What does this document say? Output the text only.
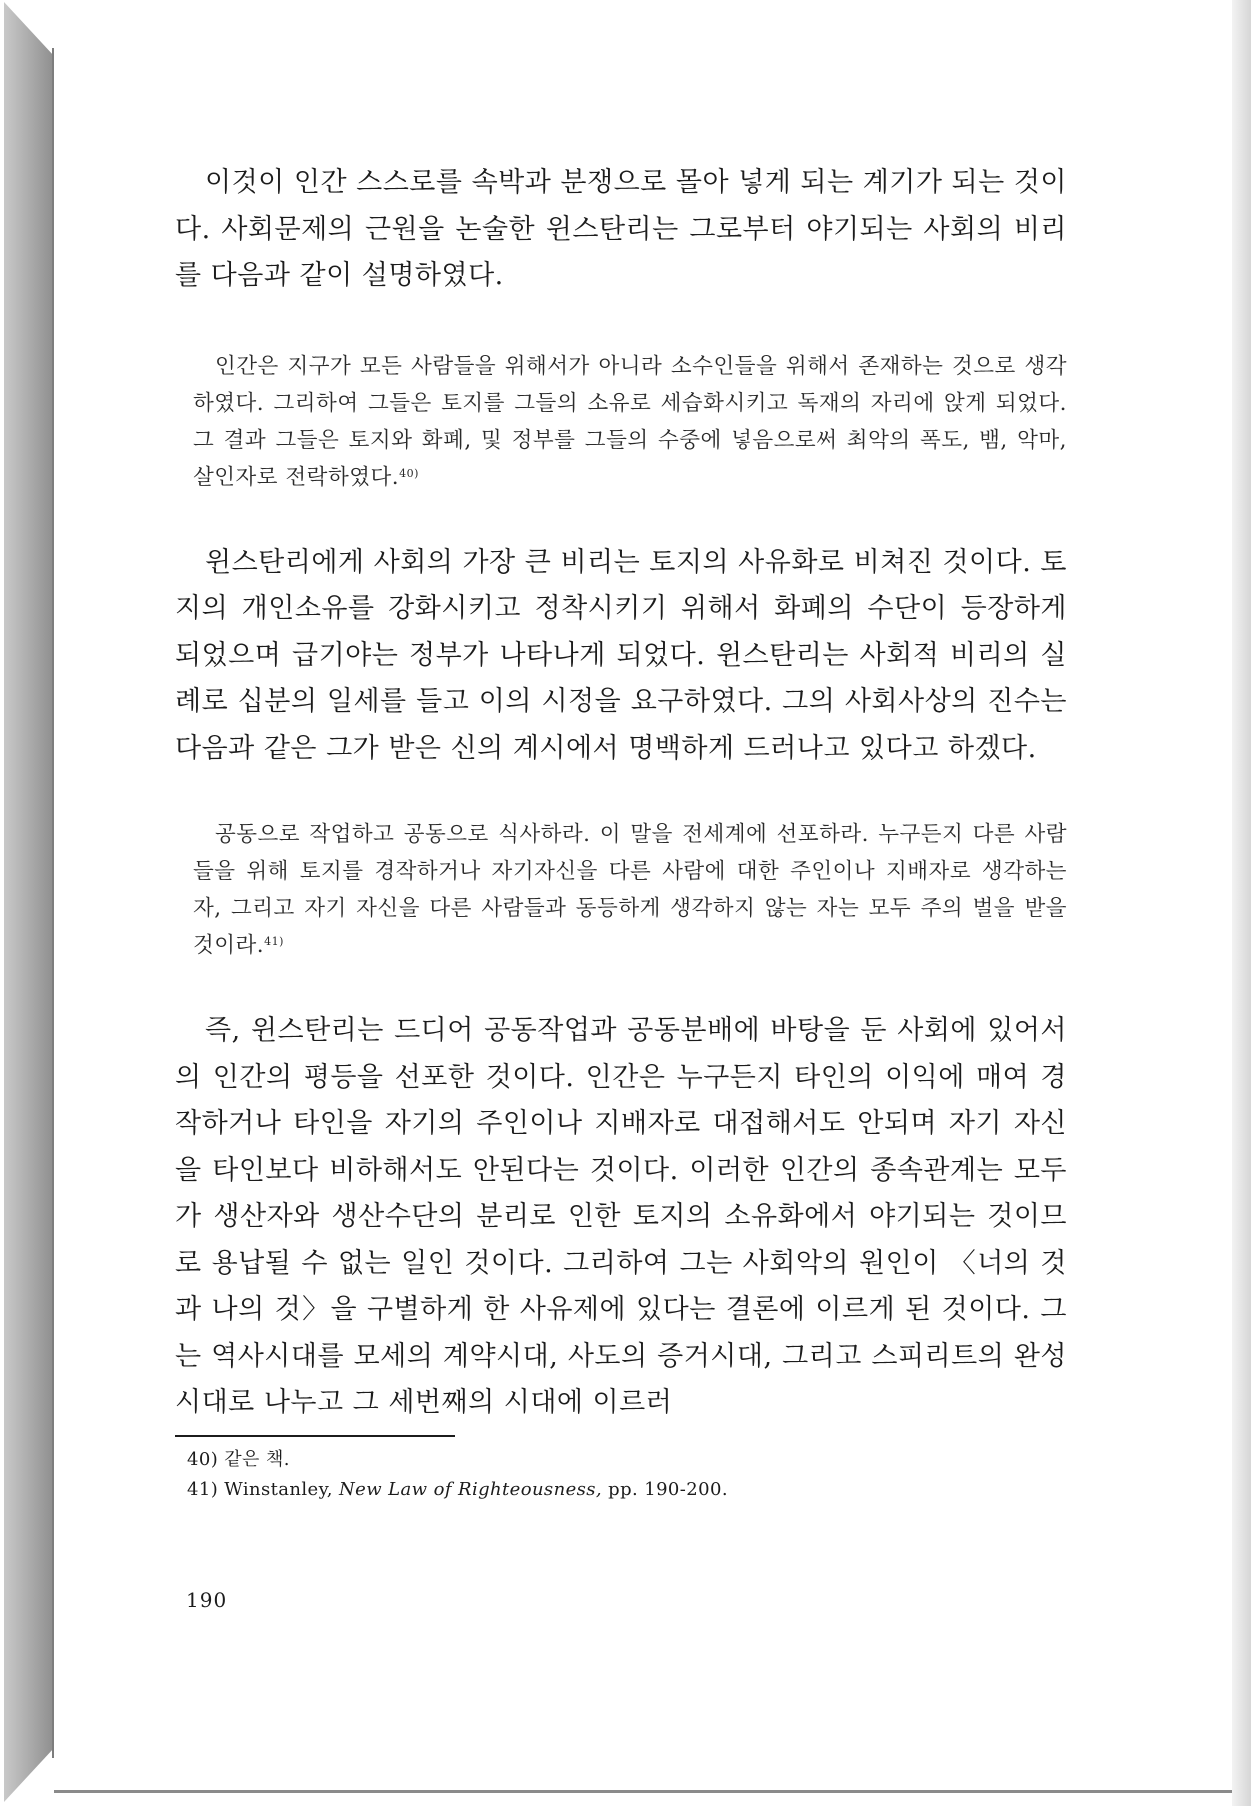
이것이 인간 스스로를 속박과 분쟁으로 몰아 넣게 되는 계기가 되는 것이다. 사회문제의 근원을 논술한 윈스탄리는 그로부터 야기되는 사회의 비리를 다음과 같이 설명하였다.

인간은 지구가 모든 사람들을 위해서가 아니라 소수인들을 위해서 존재하는 것으로 생각하였다. 그리하여 그들은 토지를 그들의 소유로 세습화시키고 독재의 자리에 앉게 되었다. 그 결과 그들은 토지와 화폐, 및 정부를 그들의 수중에 넣음으로써 최악의 폭도, 뱀, 악마, 살인자로 전락하였다.$^{40)}$

윈스탄리에게 사회의 가장 큰 비리는 토지의 사유화로 비쳐진 것이다. 토지의 개인소유를 강화시키고 정착시키기 위해서 화폐의 수단이 등장하게 되었으며 급기야는 정부가 나타나게 되었다. 윈스탄리는 사회적 비리의 실례로 십분의 일세를 들고 이의 시정을 요구하였다. 그의 사회사상의 진수는 다음과 같은 그가 받은 신의 계시에서 명백하게 드러나고 있다고 하겠다.

공동으로 작업하고 공동으로 식사하라. 이 말을 전세계에 선포하라. 누구든지 다른 사람들을 위해 토지를 경작하거나 자기자신을 다른 사람에 대한 주인이나 지배자로 생각하는 자, 그리고 자기 자신을 다른 사람들과 동등하게 생각하지 않는 자는 모두 주의 벌을 받을 것이라.$^{41)}$

즉, 윈스탄리는 드디어 공동작업과 공동분배에 바탕을 둔 사회에 있어서의 인간의 평등을 선포한 것이다. 인간은 누구든지 타인의 이익에 매여 경작하거나 타인을 자기의 주인이나 지배자로 대접해서도 안되며 자기 자신을 타인보다 비하해서도 안된다는 것이다. 이러한 인간의 종속관계는 모두가 생산자와 생산수단의 분리로 인한 토지의 소유화에서 야기되는 것이므로 용납될 수 없는 일인 것이다. 그리하여 그는 사회악의 원인이 〈너의 것과 나의 것〉을 구별하게 한 사유제에 있다는 결론에 이르게 된 것이다. 그는 역사시대를 모세의 계약시대, 사도의 증거시대, 그리고 스피리트의 완성시대로 나누고 그 세번째의 시대에 이르러

40) 같은 책.
41) Winstanley, New Law of Righteousness, pp. 190-200.
190
